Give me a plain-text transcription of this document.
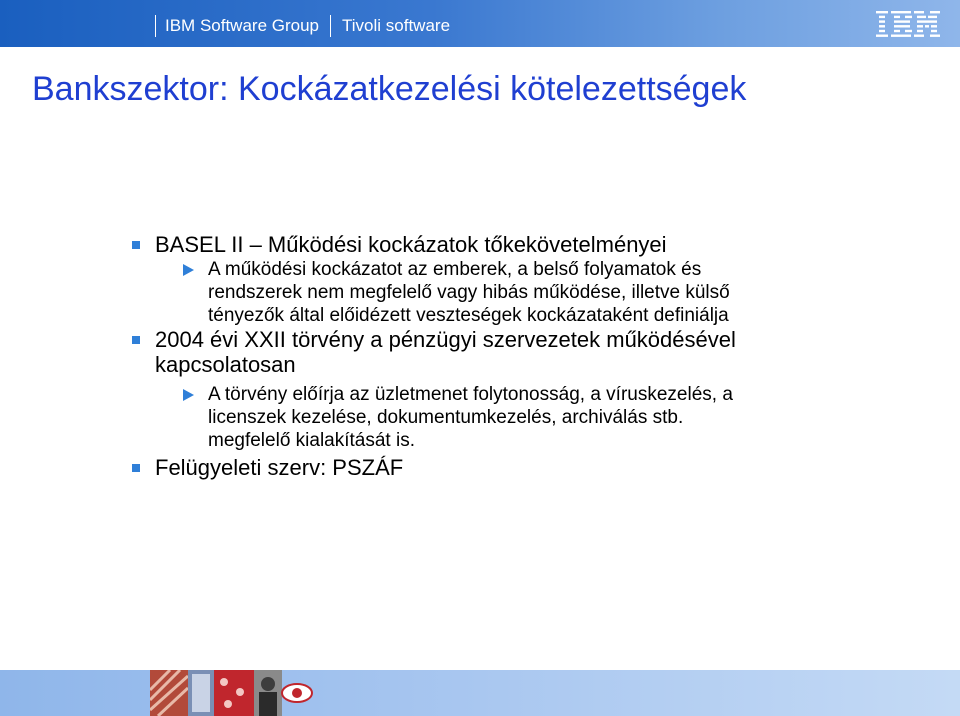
IBM Software Group Tivoli software
Bankszektor: Kockázatkezelési kötelezettségek
BASEL II – Működési kockázatok tőkekövetelményei
A működési kockázatot az emberek, a belső folyamatok és
rendszerek nem megfelelő vagy hibás működése, illetve külső
tényezők által előidézett veszteségek kockázataként definiálja
2004 évi XXII törvény a pénzügyi szervezetek működésével
kapcsolatosan
A törvény előírja az üzletmenet folytonosság, a víruskezelés, a
licenszek kezelése, dokumentumkezelés, archiválás stb.
megfelelő kialakítását is.
Felügyeleti szerv: PSZÁF
